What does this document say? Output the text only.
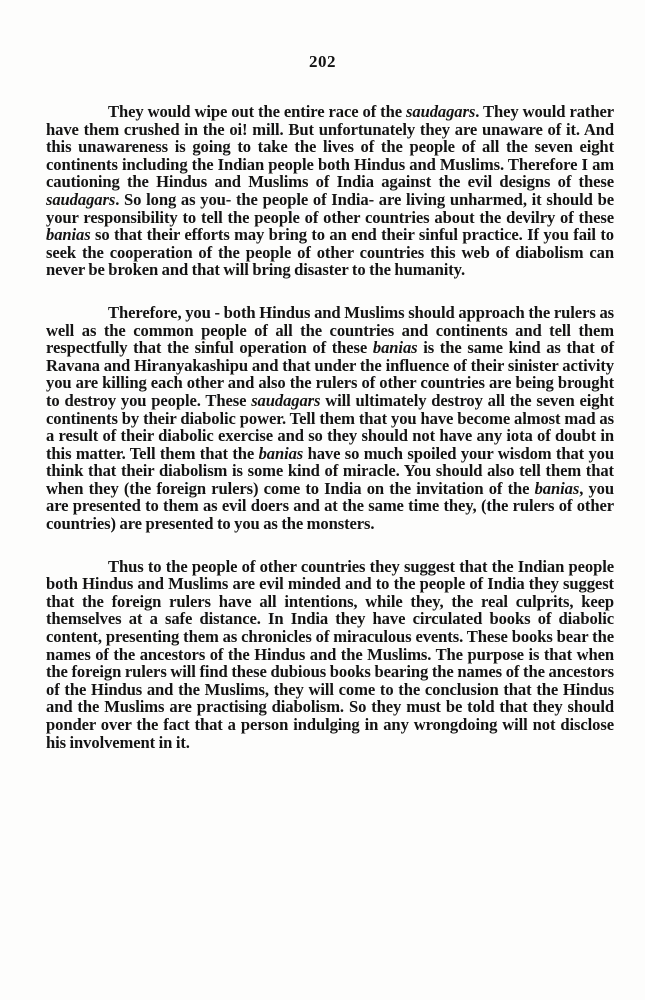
202

They would wipe out the entire race of the saudagars. They would rather have them crushed in the oi! mill. But unfortunately they are unaware of it. And this unawareness is going to take the lives of the people of all the seven eight continents including the Indian people both Hindus and Muslims. Therefore I am cautioning the Hindus and Muslims of India against the evil designs of these saudagars. So long as you- the people of India- are living unharmed, it should be your responsibility to tell the people of other countries about the devilry of these banias so that their efforts may bring to an end their sinful practice. If you fail to seek the cooperation of the people of other countries this web of diabolism can never be broken and that will bring disaster to the humanity.

Therefore, you - both Hindus and Muslims should approach the rulers as well as the common people of all the countries and continents and tell them respectfully that the sinful operation of these banias is the same kind as that of Ravana and Hiranyakashipu and that under the influence of their sinister activity you are killing each other and also the rulers of other countries are being brought to destroy you people. These saudagars will ultimately destroy all the seven eight continents by their diabolic power. Tell them that you have become almost mad as a result of their diabolic exercise and so they should not have any iota of doubt in this matter. Tell them that the banias have so much spoiled your wisdom that you think that their diabolism is some kind of miracle. You should also tell them that when they (the foreign rulers) come to India on the invitation of the banias, you are presented to them as evil doers and at the same time they, (the rulers of other countries) are presented to you as the monsters.

Thus to the people of other countries they suggest that the Indian people both Hindus and Muslims are evil minded and to the people of India they suggest that the foreign rulers have all intentions, while they, the real culprits, keep themselves at a safe distance. In India they have circulated books of diabolic content, presenting them as chronicles of miraculous events. These books bear the names of the ancestors of the Hindus and the Muslims. The purpose is that when the foreign rulers will find these dubious books bearing the names of the ancestors of the Hindus and the Muslims, they will come to the conclusion that the Hindus and the Muslims are practising diabolism. So they must be told that they should ponder over the fact that a person indulging in any wrongdoing will not disclose his involvement in it.
